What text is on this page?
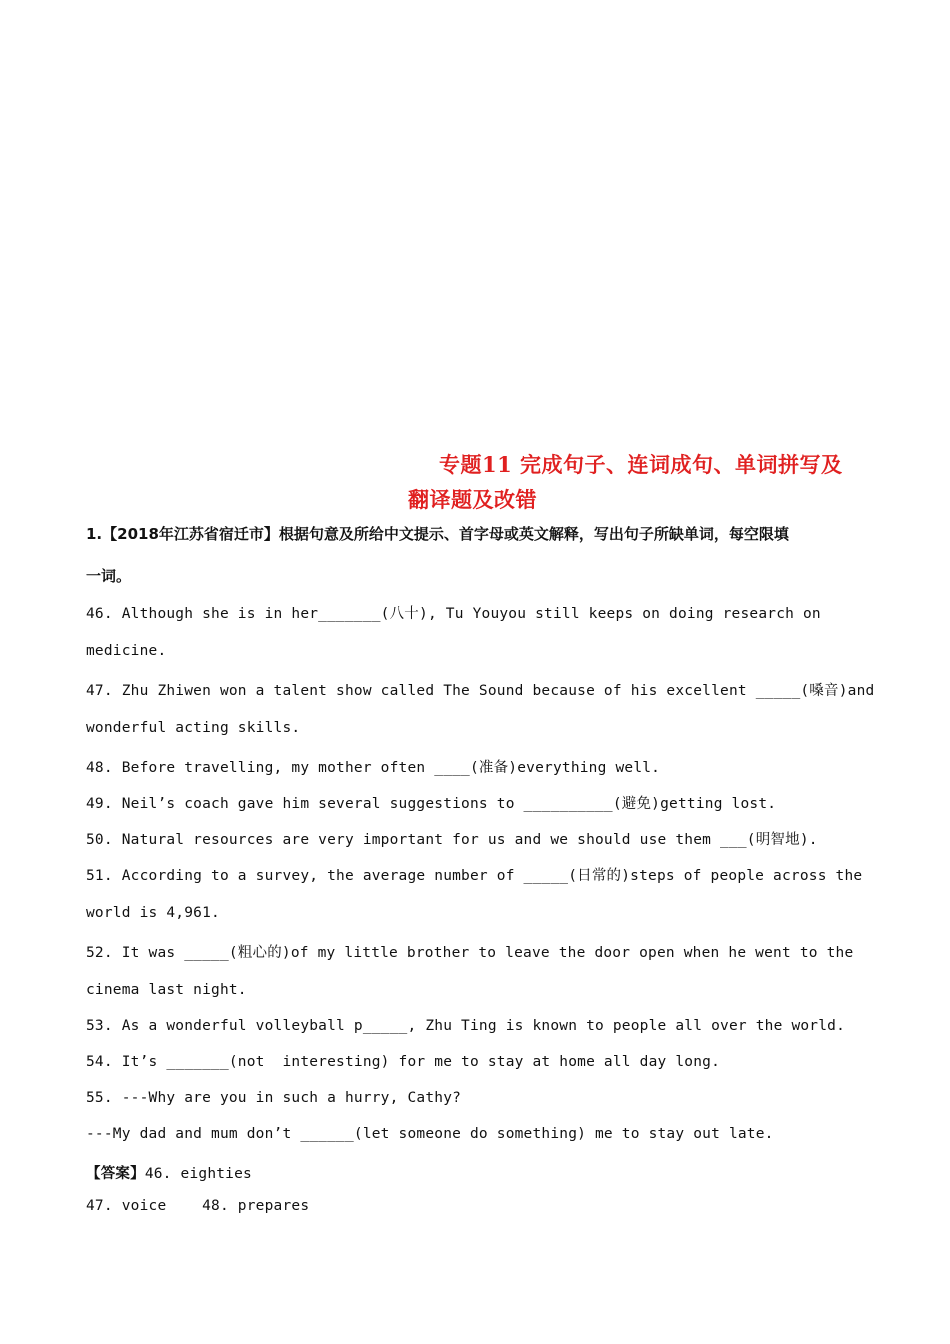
专题11 完成句子、连词成句、单词拼写及
翻译题及改错
1.【2018年江苏省宿迁市】根据句意及所给中文提示、首字母或英文解释，写出句子所缺单词，每空限填
一词。
46. Although she is in her_______(八十), Tu Youyou still keeps on doing research on
medicine.
47. Zhu Zhiwen won a talent show called The Sound because of his excellent _____(嗓音)and
wonderful acting skills.
48. Before travelling, my mother often ____(准备)everything well.
49. Neil’s coach gave him several suggestions to __________(避免)getting lost.
50. Natural resources are very important for us and we should use them ___(明智地).
51. According to a survey, the average number of _____(日常的)steps of people across the
world is 4,961.
52. It was _____(粗心的)of my little brother to leave the door open when he went to the
cinema last night.
53. As a wonderful volleyball p_____, Zhu Ting is known to people all over the world.
54. It’s _______(not  interesting) for me to stay at home all day long.
55. ---Why are you in such a hurry, Cathy?
---My dad and mum don’t ______(let someone do something) me to stay out late.
【答案】46. eighties
47. voice    48. prepares
